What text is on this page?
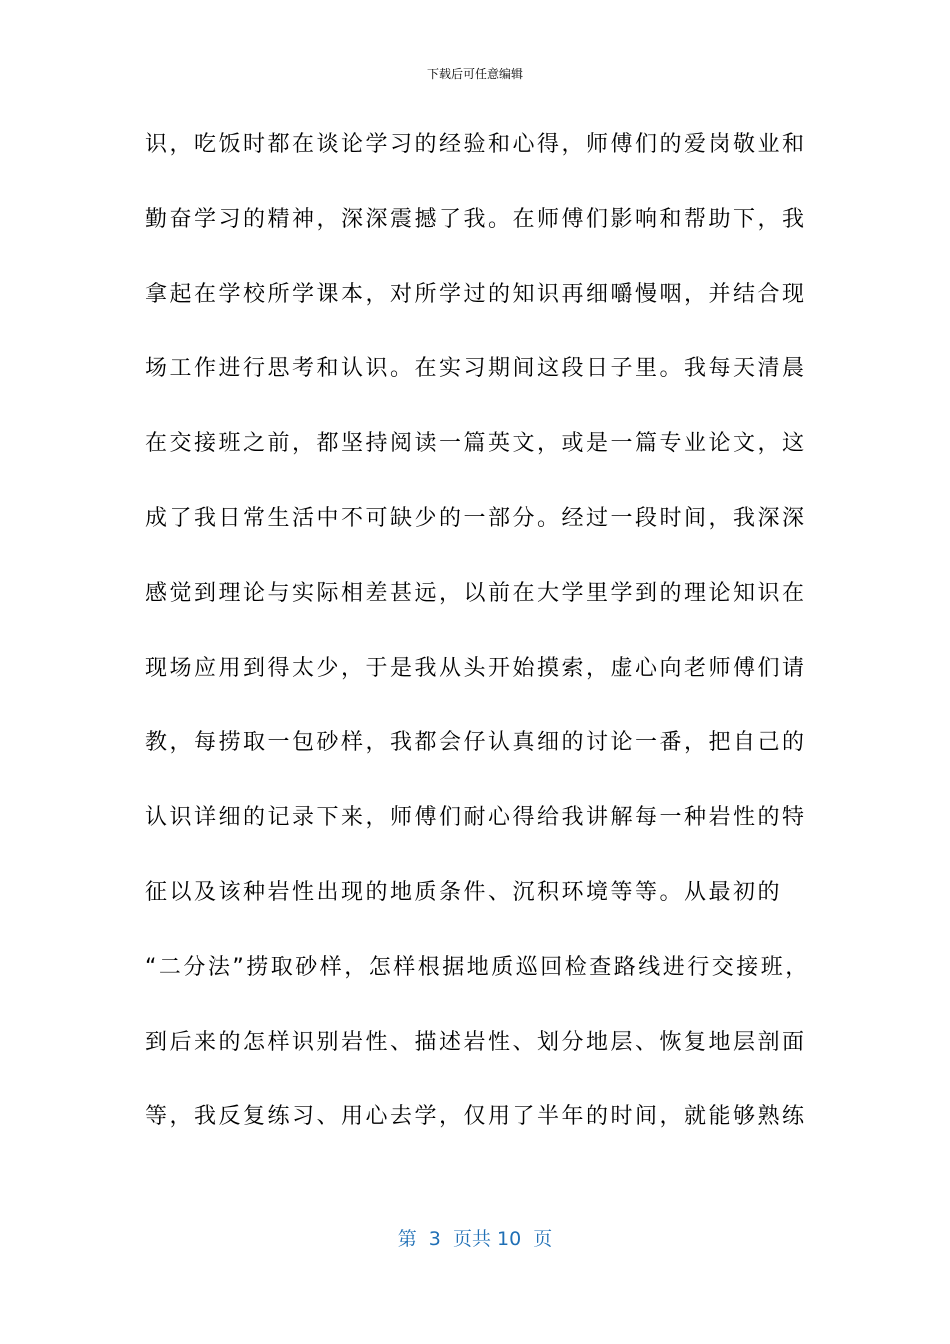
下载后可任意编辑
识，吃饭时都在谈论学习的经验和心得，师傅们的爱岗敬业和
勤奋学习的精神，深深震撼了我。在师傅们影响和帮助下，我
拿起在学校所学课本，对所学过的知识再细嚼慢咽，并结合现
场工作进行思考和认识。在实习期间这段日子里。我每天清晨
在交接班之前，都坚持阅读一篇英文，或是一篇专业论文，这
成了我日常生活中不可缺少的一部分。经过一段时间，我深深
感觉到理论与实际相差甚远，以前在大学里学到的理论知识在
现场应用到得太少，于是我从头开始摸索，虚心向老师傅们请
教，每捞取一包砂样，我都会仔认真细的讨论一番，把自己的
认识详细的记录下来，师傅们耐心得给我讲解每一种岩性的特
征以及该种岩性出现的地质条件、沉积环境等等。从最初的
“二分法”捞取砂样，怎样根据地质巡回检查路线进行交接班，
到后来的怎样识别岩性、描述岩性、划分地层、恢复地层剖面
等，我反复练习、用心去学，仅用了半年的时间，就能够熟练
第  3  页共 10  页
